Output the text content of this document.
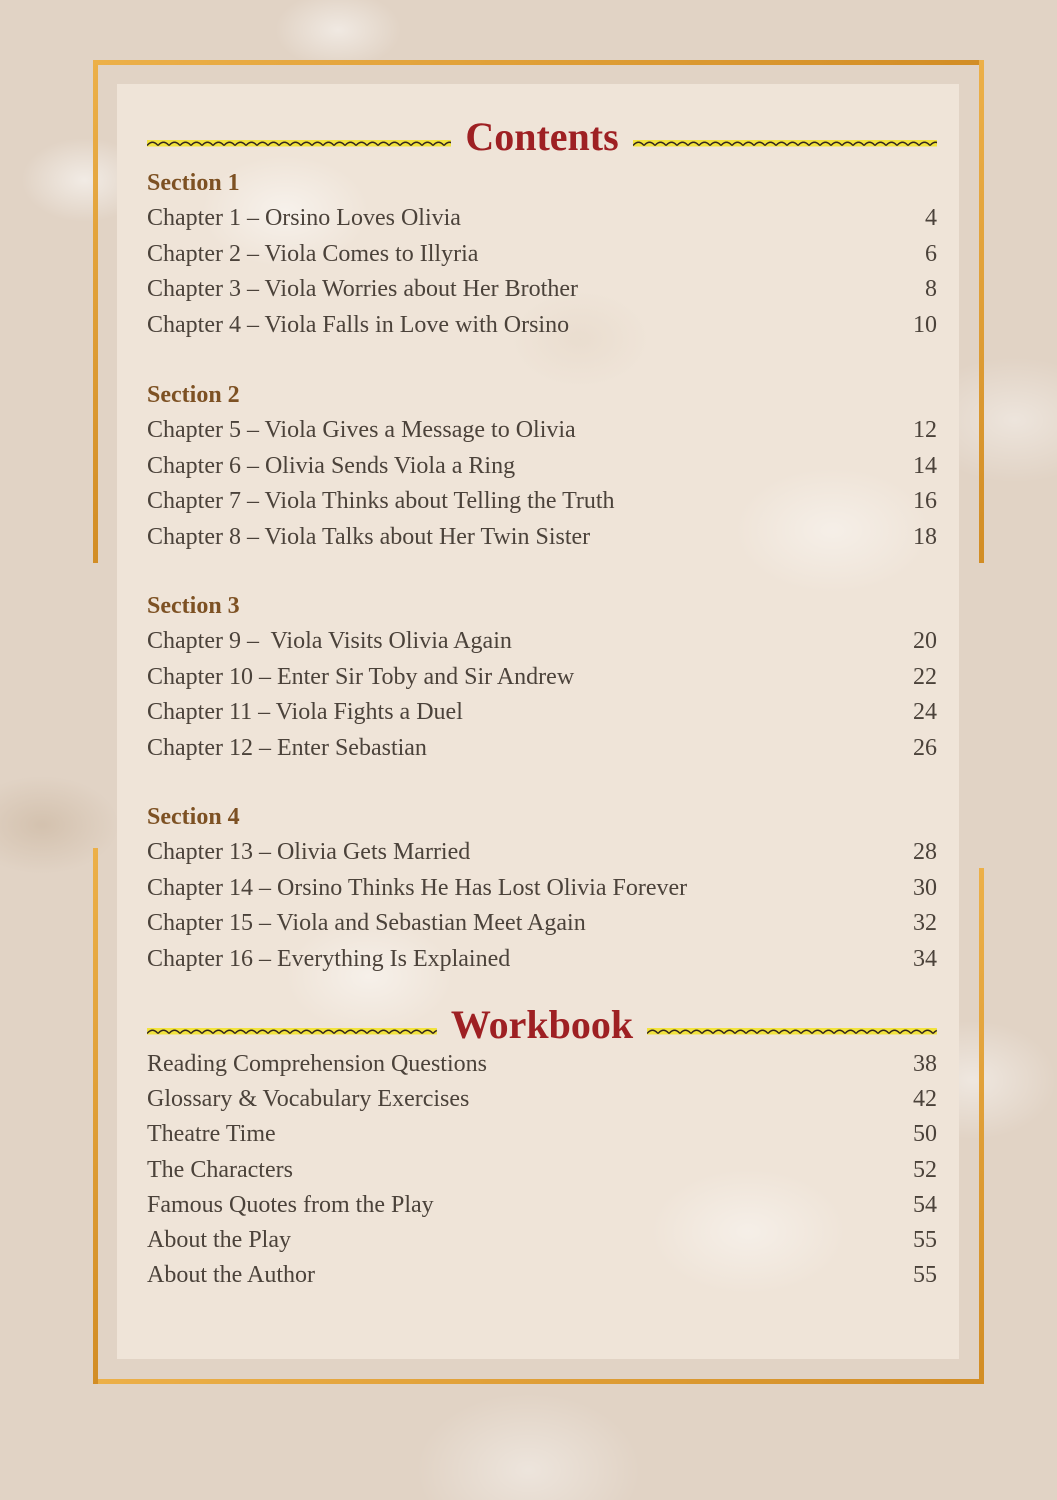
Contents
Section 1
Chapter 1 – Orsino Loves Olivia	4
Chapter 2 – Viola Comes to Illyria	6
Chapter 3 – Viola Worries about Her Brother	8
Chapter 4 – Viola Falls in Love with Orsino	10
Section 2
Chapter 5 – Viola Gives a Message to Olivia	12
Chapter 6 – Olivia Sends Viola a Ring	14
Chapter 7 – Viola Thinks about Telling the Truth	16
Chapter 8 – Viola Talks about Her Twin Sister	18
Section 3
Chapter 9 –  Viola Visits Olivia Again	20
Chapter 10 – Enter Sir Toby and Sir Andrew	22
Chapter 11 – Viola Fights a Duel	24
Chapter 12 – Enter Sebastian	26
Section 4
Chapter 13 – Olivia Gets Married	28
Chapter 14 – Orsino Thinks He Has Lost Olivia Forever	30
Chapter 15 – Viola and Sebastian Meet Again	32
Chapter 16 – Everything Is Explained	34
Workbook
Reading Comprehension Questions	38
Glossary & Vocabulary Exercises	42
Theatre Time	50
The Characters	52
Famous Quotes from the Play	54
About the Play	55
About the Author	55
